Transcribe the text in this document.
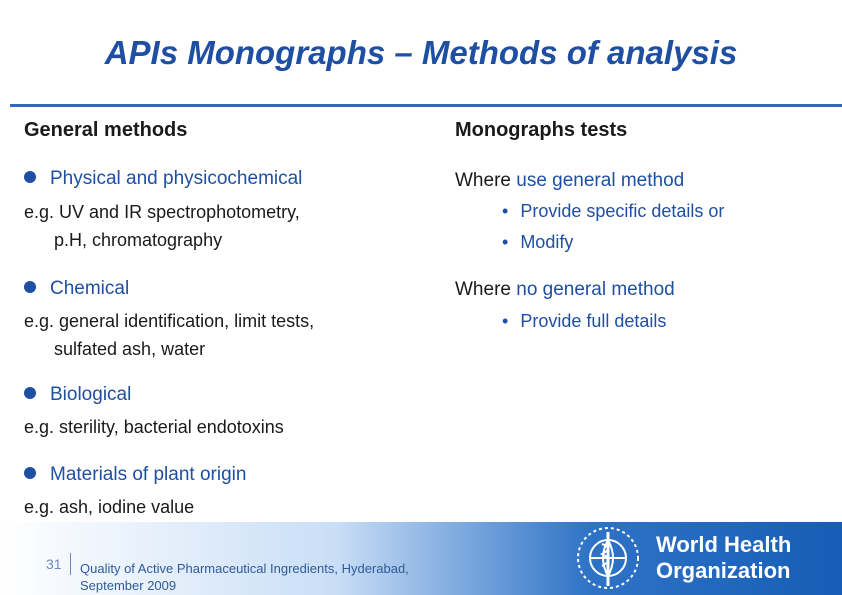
APIs Monographs – Methods of analysis
General methods
Physical and physicochemical
e.g. UV and IR spectrophotometry,
p.H, chromatography
Chemical
e.g. general identification, limit tests,
sulfated ash, water
Biological
e.g. sterility, bacterial endotoxins
Materials of plant origin
e.g. ash, iodine value
Monographs tests
Where use general method
• Provide specific details or
• Modify
Where no general method
• Provide full details
31 Quality of Active Pharmaceutical Ingredients, Hyderabad,
September 2009
World Health
Organization
